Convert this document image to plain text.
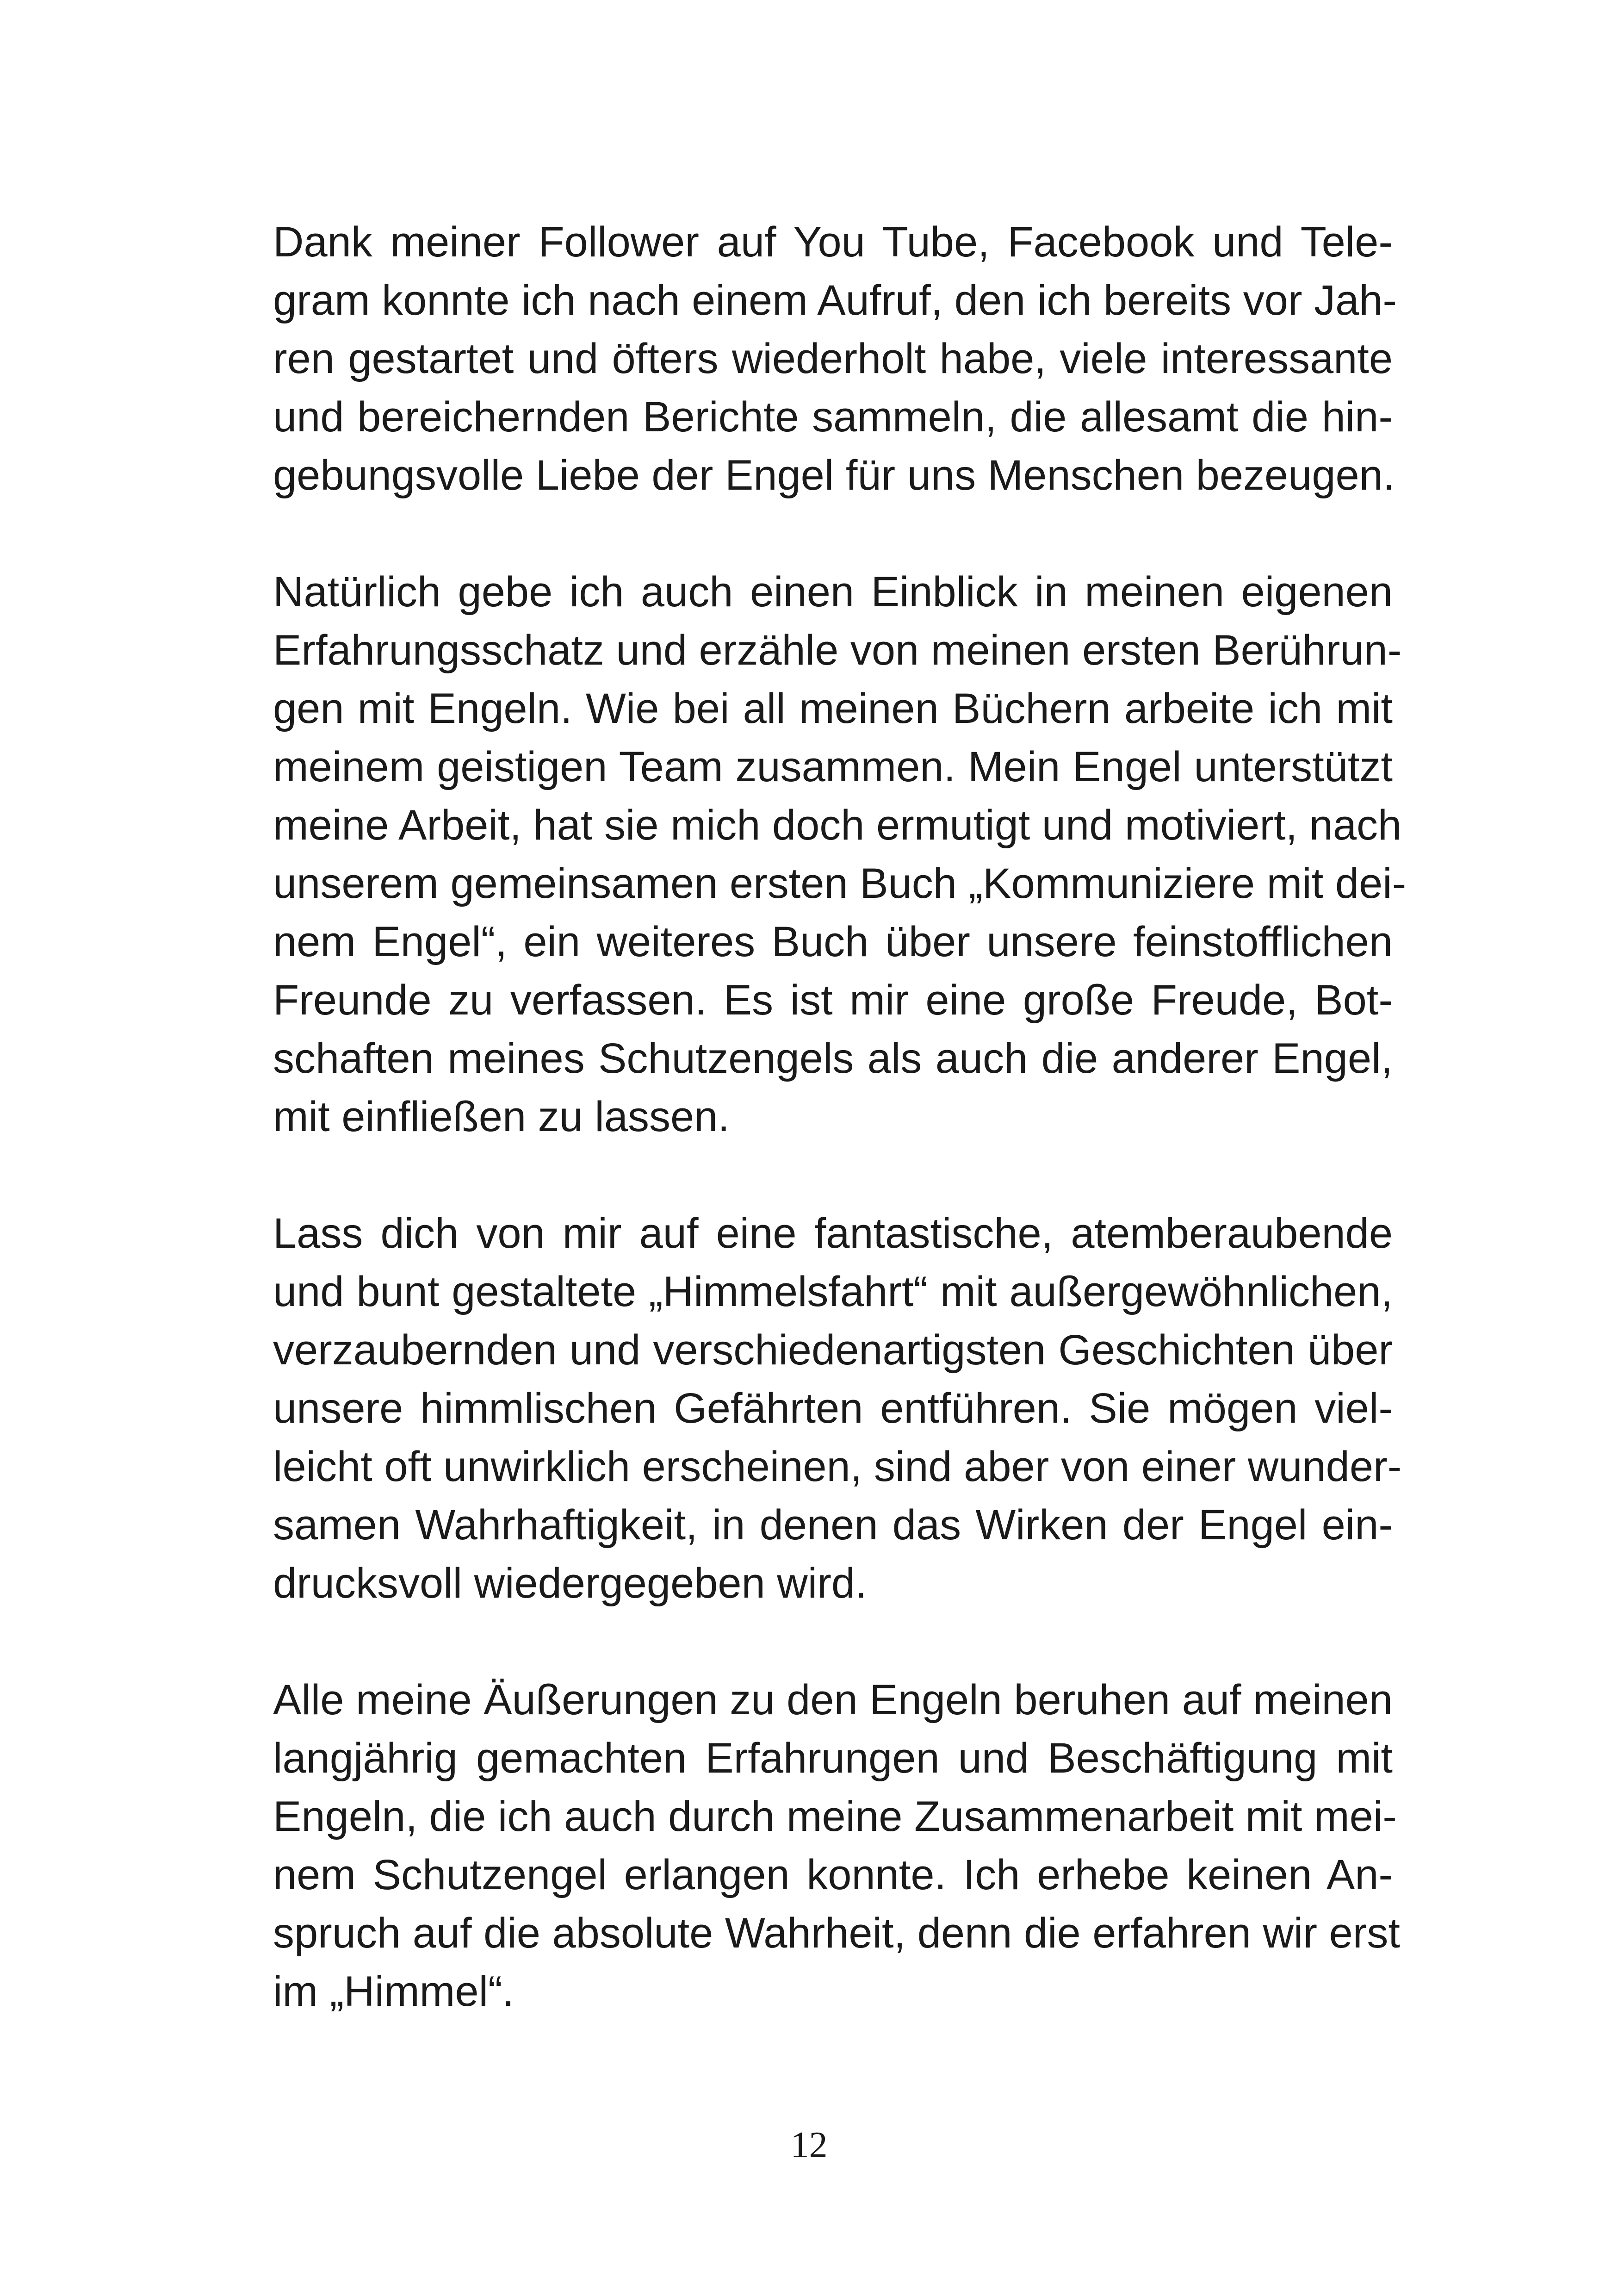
Dank meiner Follower auf You Tube, Facebook und Tele-
gram konnte ich nach einem Aufruf, den ich bereits vor Jah-
ren gestartet und öfters wiederholt habe, viele interessante
und bereichernden Berichte sammeln, die allesamt die hin-
gebungsvolle Liebe der Engel für uns Menschen bezeugen.

Natürlich gebe ich auch einen Einblick in meinen eigenen
Erfahrungsschatz und erzähle von meinen ersten Berührun-
gen mit Engeln. Wie bei all meinen Büchern arbeite ich mit
meinem geistigen Team zusammen. Mein Engel unterstützt
meine Arbeit, hat sie mich doch ermutigt und motiviert, nach
unserem gemeinsamen ersten Buch „Kommuniziere mit dei-
nem Engel“, ein weiteres Buch über unsere feinstofflichen
Freunde zu verfassen. Es ist mir eine große Freude, Bot-
schaften meines Schutzengels als auch die anderer Engel,
mit einfließen zu lassen.

Lass dich von mir auf eine fantastische, atemberaubende
und bunt gestaltete „Himmelsfahrt“ mit außergewöhnlichen,
verzaubernden und verschiedenartigsten Geschichten über
unsere himmlischen Gefährten entführen. Sie mögen viel-
leicht oft unwirklich erscheinen, sind aber von einer wunder-
samen Wahrhaftigkeit, in denen das Wirken der Engel ein-
drucksvoll wiedergegeben wird.

Alle meine Äußerungen zu den Engeln beruhen auf meinen
langjährig gemachten Erfahrungen und Beschäftigung mit
Engeln, die ich auch durch meine Zusammenarbeit mit mei-
nem Schutzengel erlangen konnte. Ich erhebe keinen An-
spruch auf die absolute Wahrheit, denn die erfahren wir erst
im „Himmel“.

12
